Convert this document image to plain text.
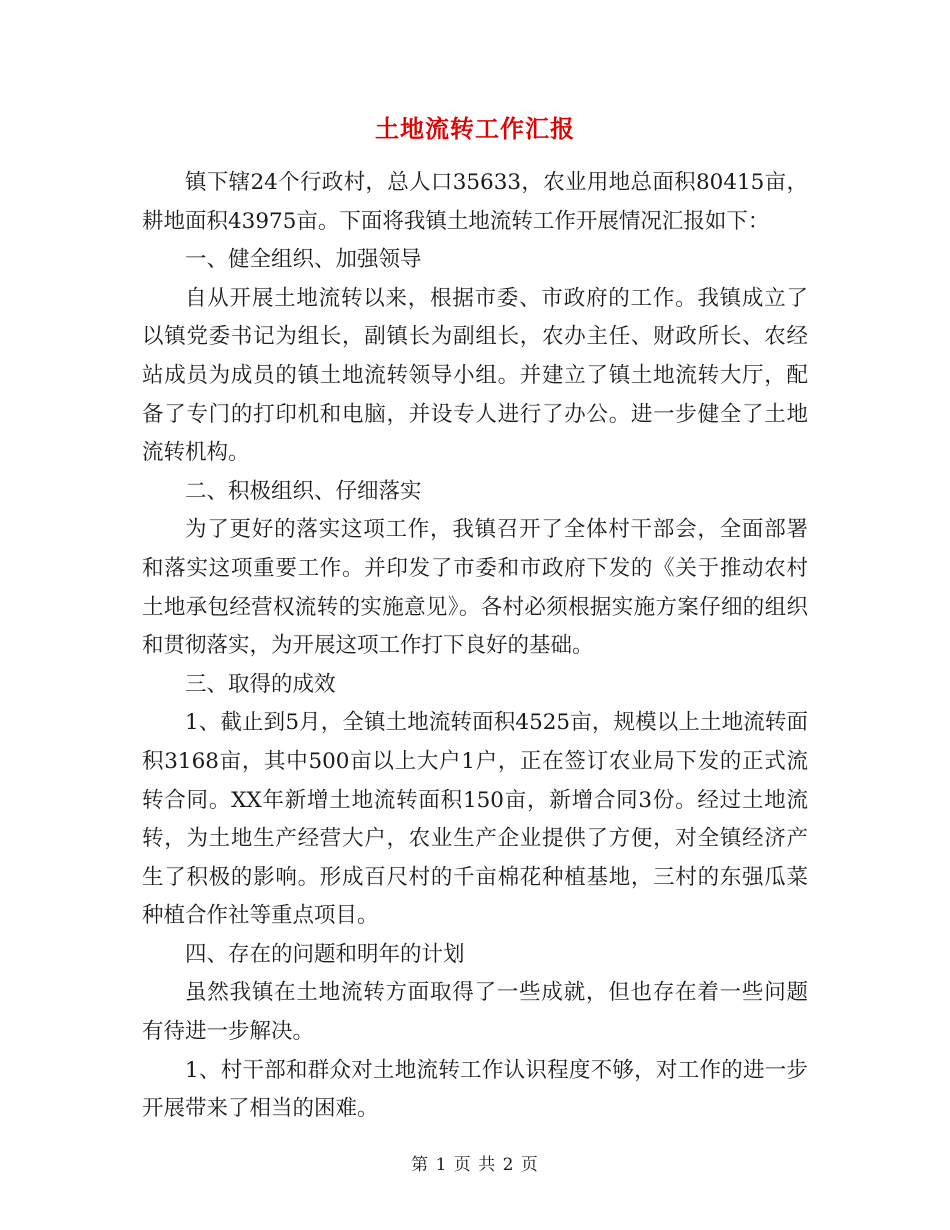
土地流转工作汇报

镇下辖24个行政村，总人口35633，农业用地总面积80415亩，耕地面积43975亩。下面将我镇土地流转工作开展情况汇报如下：

一、健全组织、加强领导

自从开展土地流转以来，根据市委、市政府的工作。我镇成立了以镇党委书记为组长，副镇长为副组长，农办主任、财政所长、农经站成员为成员的镇土地流转领导小组。并建立了镇土地流转大厅，配备了专门的打印机和电脑，并设专人进行了办公。进一步健全了土地流转机构。

二、积极组织、仔细落实

为了更好的落实这项工作，我镇召开了全体村干部会，全面部署和落实这项重要工作。并印发了市委和市政府下发的《关于推动农村土地承包经营权流转的实施意见》。各村必须根据实施方案仔细的组织和贯彻落实，为开展这项工作打下良好的基础。

三、取得的成效

1、截止到5月，全镇土地流转面积4525亩，规模以上土地流转面积3168亩，其中500亩以上大户1户，正在签订农业局下发的正式流转合同。XX年新增土地流转面积150亩，新增合同3份。经过土地流转，为土地生产经营大户，农业生产企业提供了方便，对全镇经济产生了积极的影响。形成百尺村的千亩棉花种植基地，三村的东强瓜菜种植合作社等重点项目。

四、存在的问题和明年的计划

虽然我镇在土地流转方面取得了一些成就，但也存在着一些问题有待进一步解决。

1、村干部和群众对土地流转工作认识程度不够，对工作的进一步开展带来了相当的困难。

第 1 页 共 2 页
